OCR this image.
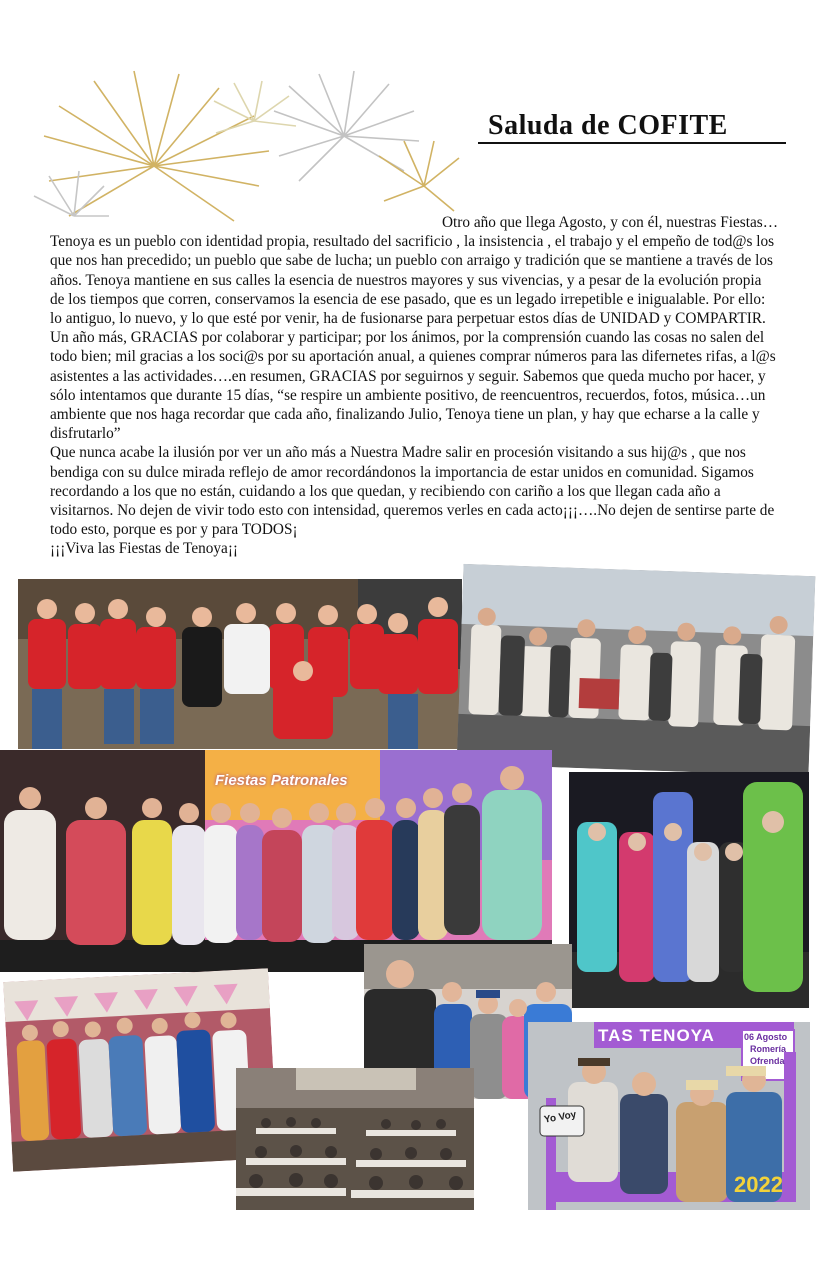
Saluda de COFITE

Otro año que llega Agosto, y con él, nuestras Fiestas…

Tenoya es un pueblo con identidad propia, resultado del sacrificio , la insistencia , el trabajo y el empeño de tod@s los que nos han precedido; un pueblo que sabe de lucha; un pueblo con arraigo y tradición que se mantiene a través de los años. Tenoya mantiene en sus calles la esencia de nuestros mayores y sus vivencias, y a pesar de la evolución propia de los tiempos que corren, conservamos la esencia de ese pasado, que es un legado irrepetible e inigualable. Por ello: lo antiguo, lo nuevo, y lo que esté por venir, ha de fusionarse para perpetuar estos días de UNIDAD y COMPARTIR.

Un año más, GRACIAS por colaborar y participar; por los ánimos, por la comprensión cuando las cosas no salen del todo bien; mil gracias a los soci@s por su aportación anual, a quienes comprar números para las difernetes rifas, a l@s asistentes a las actividades….en resumen, GRACIAS por seguirnos y seguir. Sabemos que queda mucho por hacer, y sólo intentamos que durante 15 días, “se respire un ambiente positivo, de reencuentros, recuerdos, fotos, música…un ambiente que nos haga recordar que cada año, finalizando Julio, Tenoya tiene un plan, y hay que echarse a la calle y disfrutarlo”

Que nunca acabe la ilusión por ver un año más a Nuestra Madre salir en procesión visitando a sus hij@s , que nos bendiga con su dulce mirada reflejo de amor recordándonos la importancia de estar unidos en comunidad. Sigamos recordando a los que no están, cuidando a los que quedan, y recibiendo con cariño a los que llegan cada año a visitarnos. No dejen de vivir todo esto con intensidad, queremos verles en cada acto¡¡¡….No dejen de sentirse parte de todo esto, porque es por y para TODOS¡

¡¡¡Viva las Fiestas de Tenoya¡¡

Fiestas Patronales
TAS TENOYA	06 Agosto
Romería
Ofrenda
2022
Yo Voy
